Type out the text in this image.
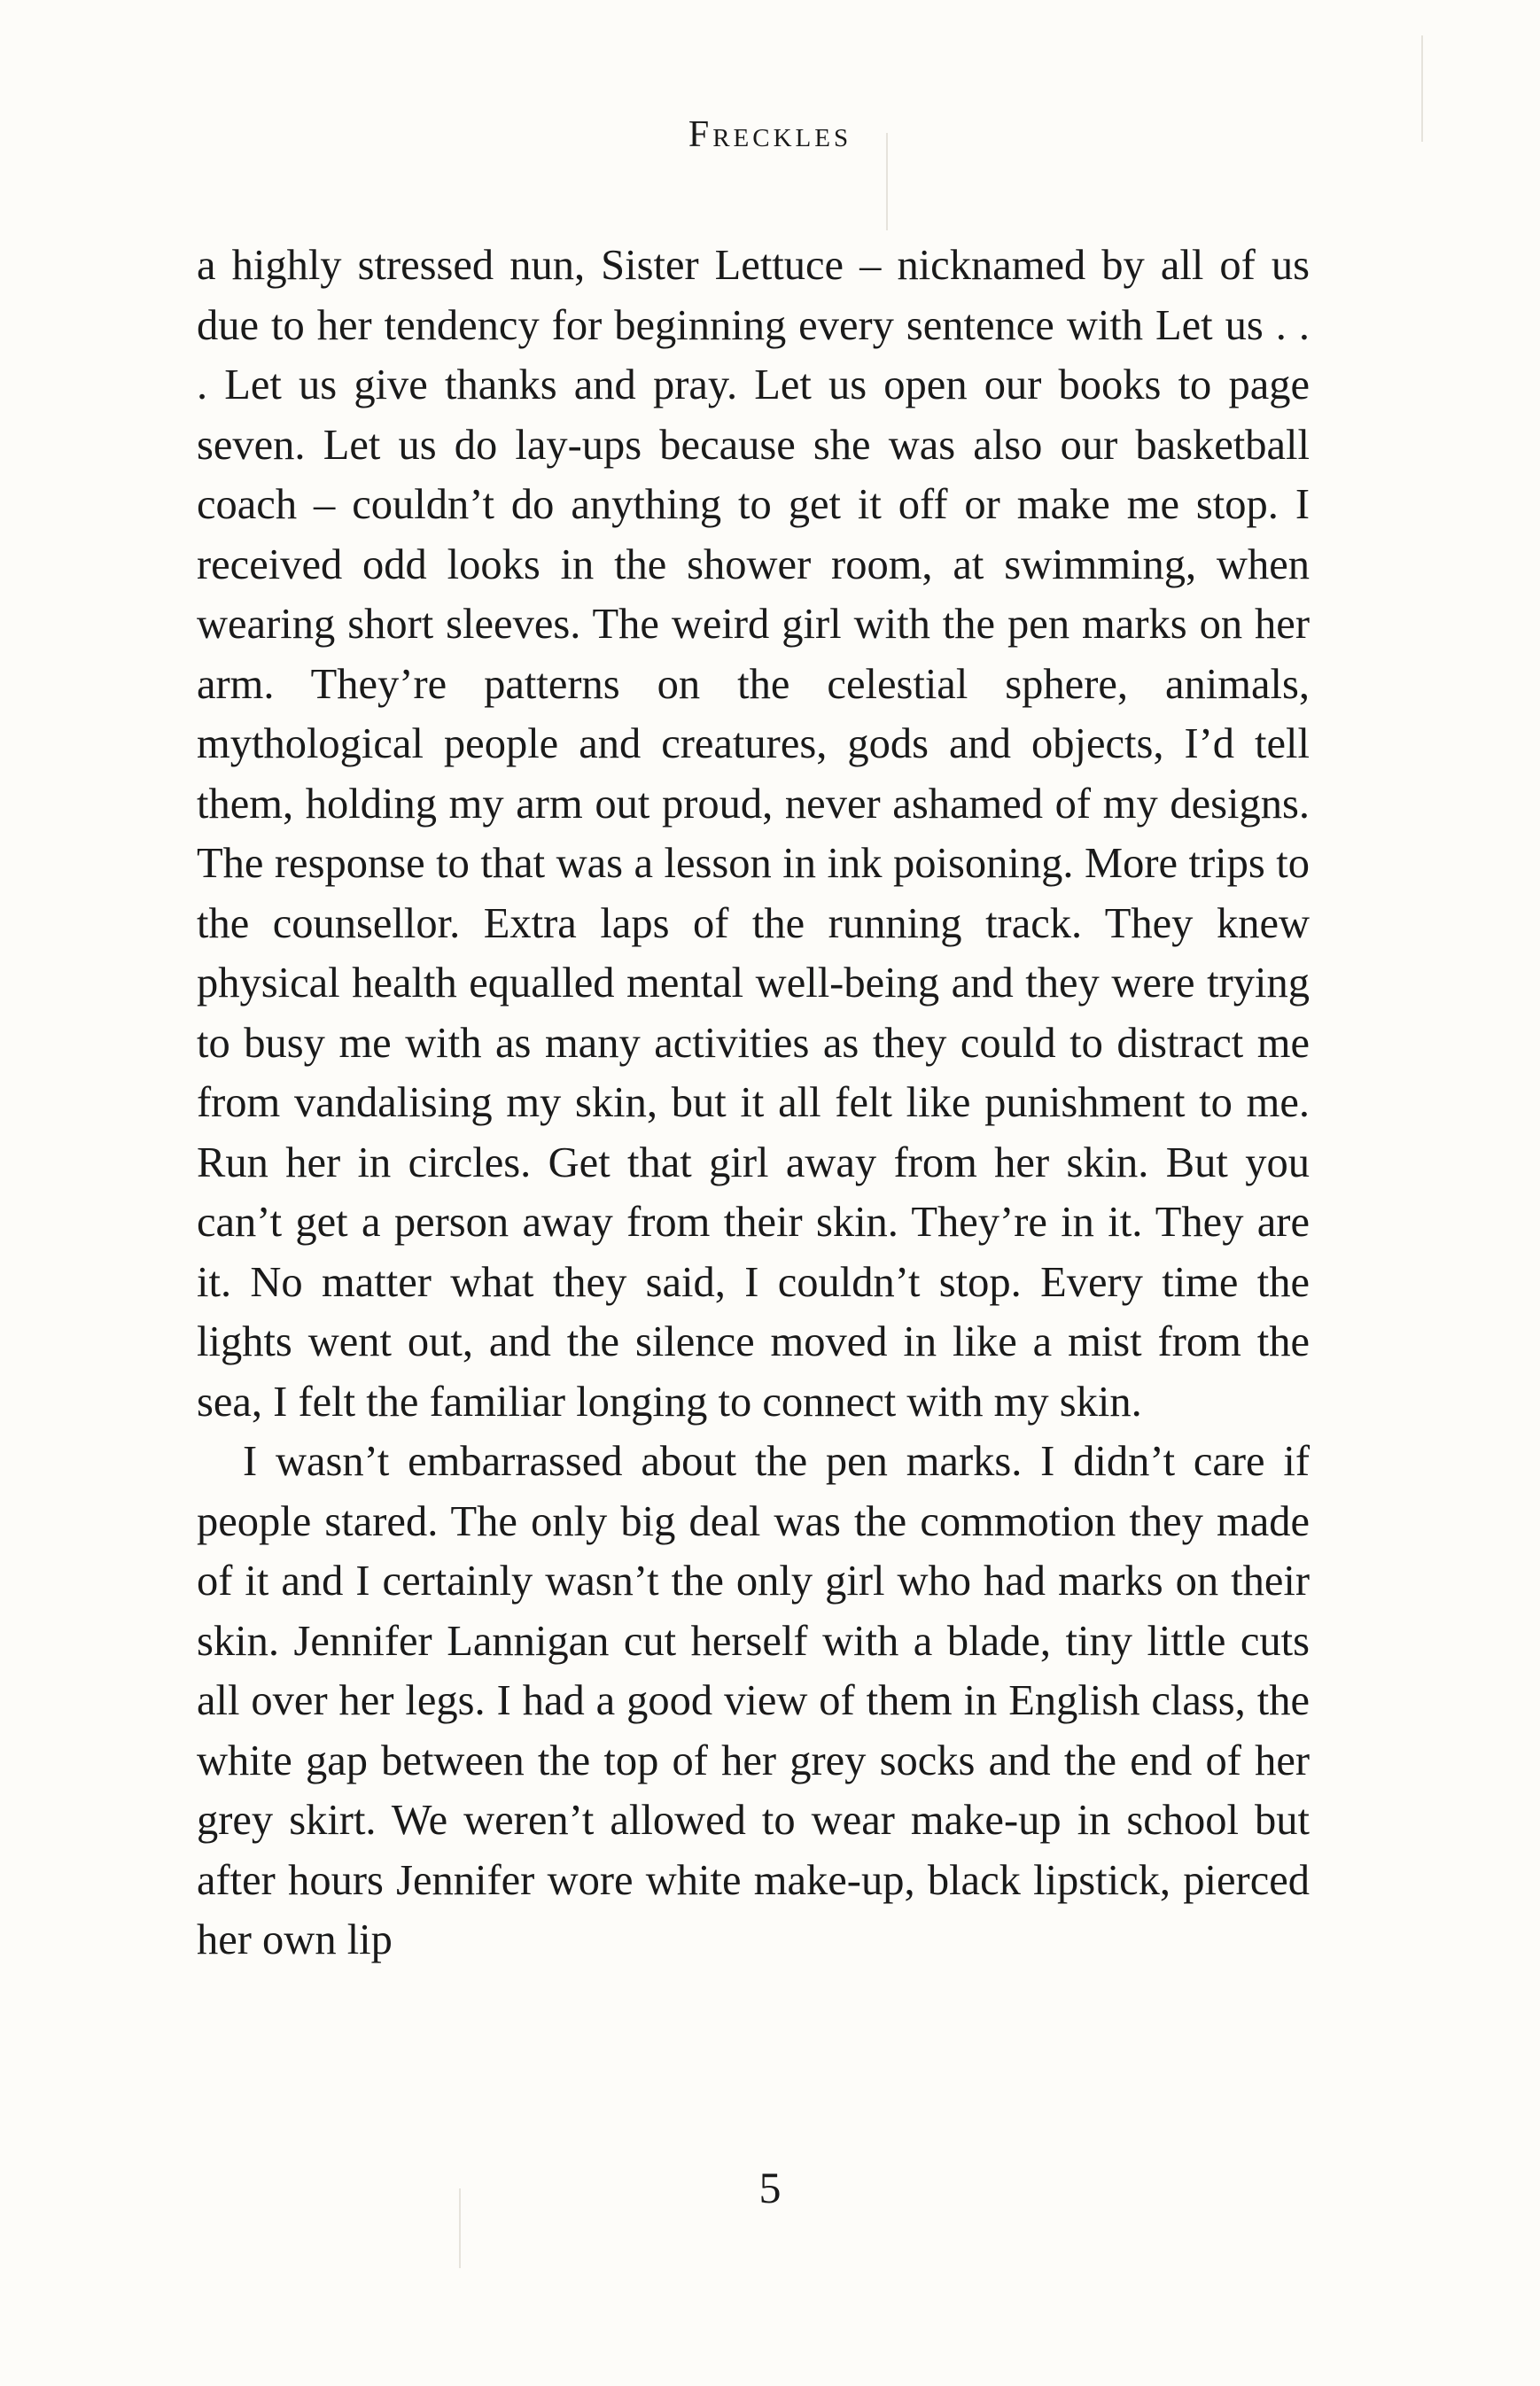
Freckles

a highly stressed nun, Sister Lettuce – nicknamed by all of us due to her tendency for beginning every sentence with Let us . . . Let us give thanks and pray. Let us open our books to page seven. Let us do lay-ups because she was also our basketball coach – couldn’t do anything to get it off or make me stop. I received odd looks in the shower room, at swimming, when wearing short sleeves. The weird girl with the pen marks on her arm. They’re patterns on the celestial sphere, animals, mythological people and creatures, gods and objects, I’d tell them, holding my arm out proud, never ashamed of my designs. The response to that was a lesson in ink poisoning. More trips to the counsellor. Extra laps of the running track. They knew physical health equalled mental well-being and they were trying to busy me with as many activities as they could to distract me from vandalising my skin, but it all felt like punishment to me. Run her in circles. Get that girl away from her skin. But you can’t get a person away from their skin. They’re in it. They are it. No matter what they said, I couldn’t stop. Every time the lights went out, and the silence moved in like a mist from the sea, I felt the familiar longing to connect with my skin.

I wasn’t embarrassed about the pen marks. I didn’t care if people stared. The only big deal was the commotion they made of it and I certainly wasn’t the only girl who had marks on their skin. Jennifer Lannigan cut herself with a blade, tiny little cuts all over her legs. I had a good view of them in English class, the white gap between the top of her grey socks and the end of her grey skirt. We weren’t allowed to wear make-up in school but after hours Jennifer wore white make-up, black lipstick, pierced her own lip

5
